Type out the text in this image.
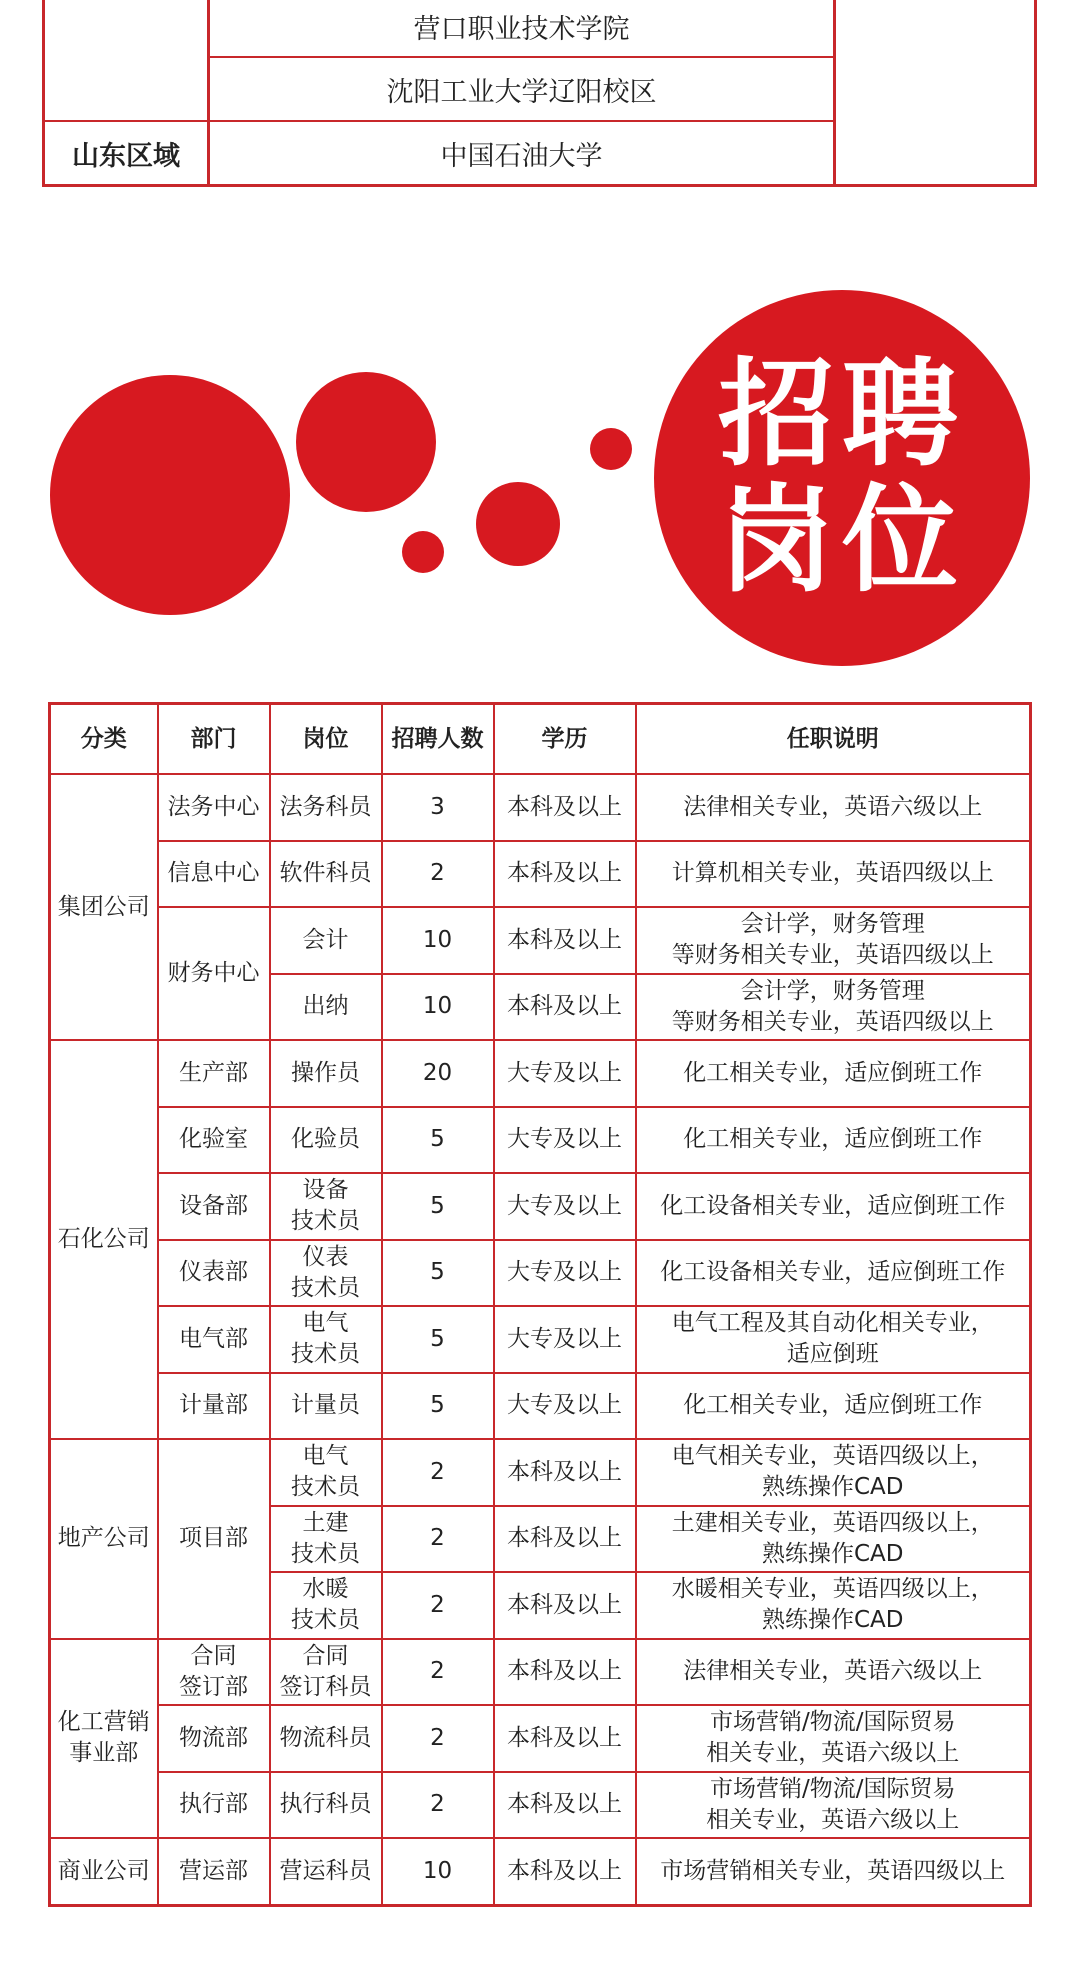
	营口职业技术学院	
	沈阳工业大学辽阳校区	
山东区域	中国石油大学	
招聘
岗位
分类	部门	岗位	招聘人数	学历	任职说明
集团公司	法务中心	法务科员	3	本科及以上	法律相关专业，英语六级以上
	信息中心	软件科员	2	本科及以上	计算机相关专业，英语四级以上
	财务中心	会计	10	本科及以上	会计学，财务管理
等财务相关专业，英语四级以上
		出纳	10	本科及以上	会计学，财务管理
等财务相关专业，英语四级以上
石化公司	生产部	操作员	20	大专及以上	化工相关专业，适应倒班工作
	化验室	化验员	5	大专及以上	化工相关专业，适应倒班工作
	设备部	设备
技术员	5	大专及以上	化工设备相关专业，适应倒班工作
	仪表部	仪表
技术员	5	大专及以上	化工设备相关专业，适应倒班工作
	电气部	电气
技术员	5	大专及以上	电气工程及其自动化相关专业，
适应倒班
	计量部	计量员	5	大专及以上	化工相关专业，适应倒班工作
地产公司	项目部	电气
技术员	2	本科及以上	电气相关专业，英语四级以上，
熟练操作CAD
		土建
技术员	2	本科及以上	土建相关专业，英语四级以上，
熟练操作CAD
		水暖
技术员	2	本科及以上	水暖相关专业，英语四级以上，
熟练操作CAD
化工营销
事业部	合同
签订部	合同
签订科员	2	本科及以上	法律相关专业，英语六级以上
	物流部	物流科员	2	本科及以上	市场营销/物流/国际贸易
相关专业，英语六级以上
	执行部	执行科员	2	本科及以上	市场营销/物流/国际贸易
相关专业，英语六级以上
商业公司	营运部	营运科员	10	本科及以上	市场营销相关专业，英语四级以上
